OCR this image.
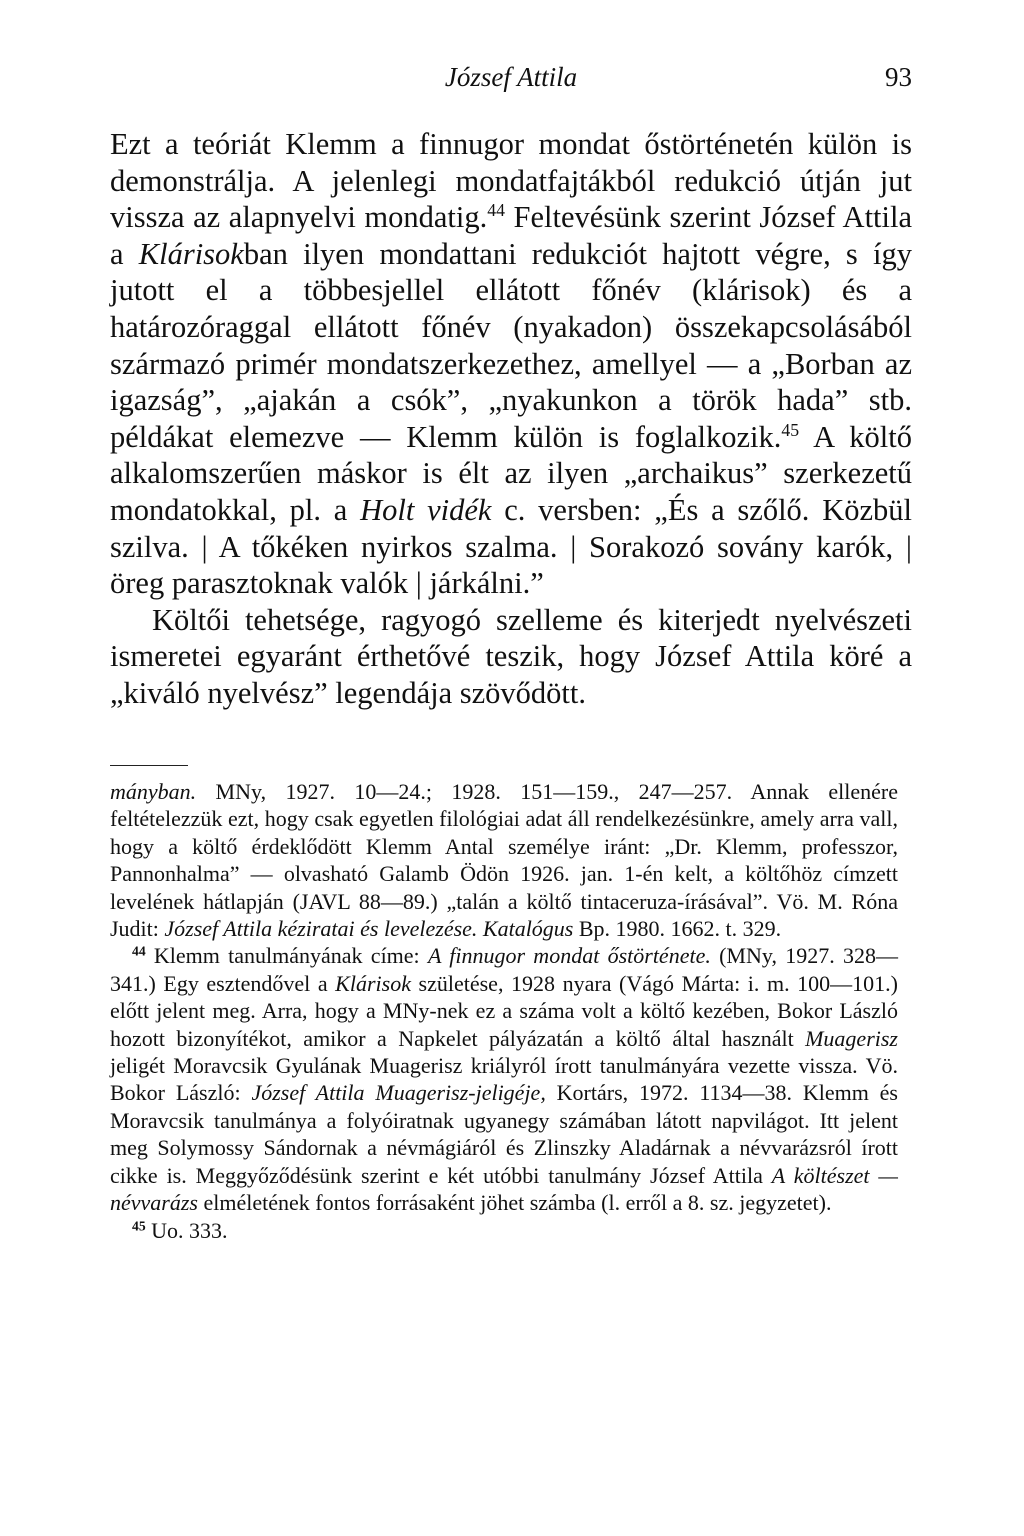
József Attila	93

Ezt a teóriát Klemm a finnugor mondat őstörténetén külön is demonstrálja. A jelenlegi mondatfajtákból redukció útján jut vissza az alapnyelvi mondatig.$^{44}$ Feltevésünk szerint József Attila a Klárisokban ilyen mondattani redukciót hajtott végre, s így jutott el a többesjellel ellátott főnév (klárisok) és a határozóraggal ellátott főnév (nyakadon) összekapcsolásából származó primér mondatszerkezethez, amellyel — a „Borban az igazság”, „ajakán a csók”, „nyakunkon a török hada” stb. példákat elemezve — Klemm külön is foglalkozik.$^{45}$ A költő alkalomszerűen máskor is élt az ilyen „archaikus” szerkezetű mondatokkal, pl. a Holt vidék c. versben: „És a szőlő. Közbül szilva. | A tőkéken nyirkos szalma. | Sorakozó sovány karók, | öreg parasztoknak valók | járkálni.”

Költői tehetsége, ragyogó szelleme és kiterjedt nyelvészeti ismeretei egyaránt érthetővé teszik, hogy József Attila köré a „kiváló nyelvész” legendája szövődött.

mányban. MNy, 1927. 10—24.; 1928. 151—159., 247—257. Annak ellenére feltételezzük ezt, hogy csak egyetlen filológiai adat áll rendelkezésünkre, amely arra vall, hogy a költő érdeklődött Klemm Antal személye iránt: „Dr. Klemm, professzor, Pannonhalma” — olvasható Galamb Ödön 1926. jan. 1-én kelt, a költőhöz címzett levelének hátlapján (JAVL 88—89.) „talán a költő tintaceruza-írásával”. Vö. M. Róna Judit: József Attila kéziratai és levelezése. Katalógus Bp. 1980. 1662. t. 329.

$^{44}$ Klemm tanulmányának címe: A finnugor mondat őstörténete. (MNy, 1927. 328—341.) Egy esztendővel a Klárisok születése, 1928 nyara (Vágó Márta: i. m. 100—101.) előtt jelent meg. Arra, hogy a MNy-nek ez a száma volt a költő kezében, Bokor László hozott bizonyítékot, amikor a Napkelet pályázatán a költő által használt Muagerisz jeligét Moravcsik Gyulának Muagerisz kriályról írott tanulmányára vezette vissza. Vö. Bokor László: József Attila Muagerisz-jeligéje, Kortárs, 1972. 1134—38. Klemm és Moravcsik tanulmánya a folyóiratnak ugyanegy számában látott napvilágot. Itt jelent meg Solymossy Sándornak a névmágiáról és Zlinszky Aladárnak a névvarázsról írott cikke is. Meggyőződésünk szerint e két utóbbi tanulmány József Attila A költészet — névvarázs elméletének fontos forrásaként jöhet számba (l. erről a 8. sz. jegyzetet).

$^{45}$ Uo. 333.
